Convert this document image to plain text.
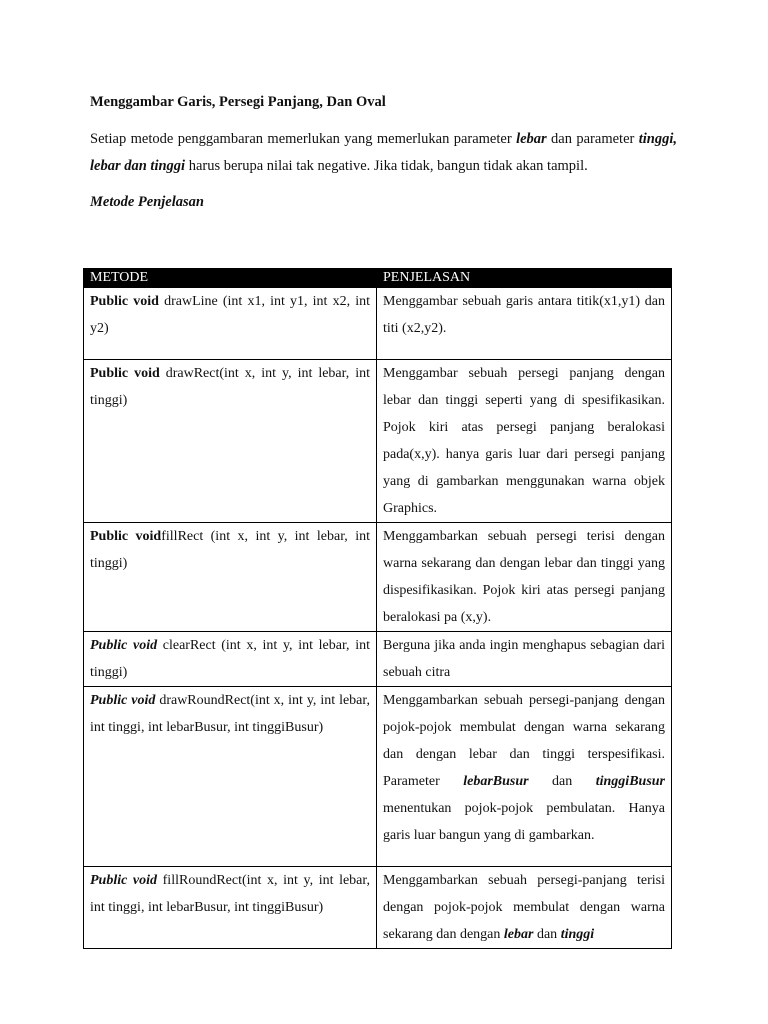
Menggambar Garis, Persegi Panjang, Dan Oval

Setiap metode penggambaran memerlukan yang memerlukan parameter lebar dan parameter tinggi, lebar dan tinggi harus berupa nilai tak negative. Jika tidak, bangun tidak akan tampil.

Metode Penjelasan
METODE	PENJELASAN
Public void drawLine (int x1, int y1, int x2, int y2)	Menggambar sebuah garis antara titik(x1,y1) dan titi (x2,y2).
Public void drawRect(int x, int y, int lebar, int tinggi)	Menggambar sebuah persegi panjang dengan lebar dan tinggi seperti yang di spesifikasikan. Pojok kiri atas persegi panjang beralokasi pada(x,y). hanya garis luar dari persegi panjang yang di gambarkan menggunakan warna objek Graphics.
Public voidfillRect (int x, int y, int lebar, int tinggi)	Menggambarkan sebuah persegi terisi dengan warna sekarang dan dengan lebar dan tinggi yang dispesifikasikan. Pojok kiri atas persegi panjang beralokasi pa (x,y).
Public void clearRect (int x, int y, int lebar, int tinggi)	Berguna jika anda ingin menghapus sebagian dari sebuah citra
Public void drawRoundRect(int x, int y, int lebar, int tinggi, int lebarBusur, int tinggiBusur)	Menggambarkan sebuah persegi-panjang dengan pojok-pojok membulat dengan warna sekarang dan dengan lebar dan tinggi terspesifikasi. Parameter lebarBusur dan tinggiBusur menentukan pojok-pojok pembulatan. Hanya garis luar bangun yang di gambarkan.
Public void fillRoundRect(int x, int y, int lebar, int tinggi, int lebarBusur, int tinggiBusur)	Menggambarkan sebuah persegi-panjang terisi dengan pojok-pojok membulat dengan warna sekarang dan dengan lebar dan tinggi
